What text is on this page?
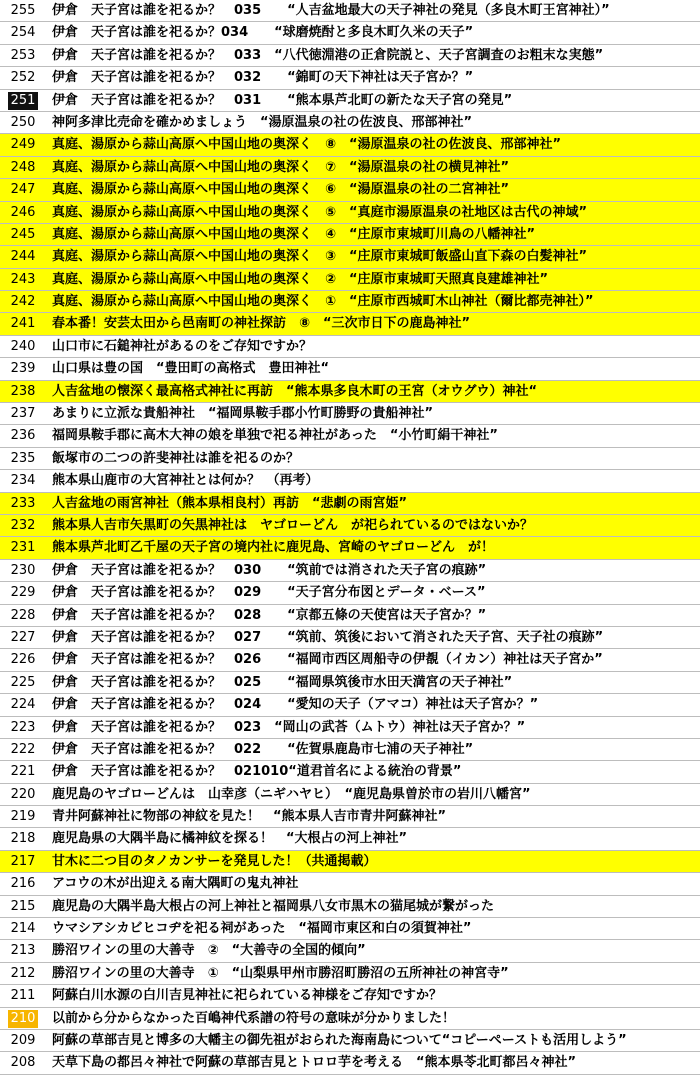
255 伊倉　天子宮は誰を祀るか？　035　　“人吉盆地最大の天子神社の発見（多良木町王宮神社）”
254 伊倉　天子宮は誰を祀るか？034　　“球磨焼酎と多良木町久米の天子”
253 伊倉　天子宮は誰を祀るか？　033　“八代徳淵港の正倉院説と、天子宮調査のお粗末な実態”
252 伊倉　天子宮は誰を祀るか？　032　　“錦町の天下神社は天子宮か？”
251 伊倉　天子宮は誰を祀るか？　031　　“熊本県芦北町の新たな天子宮の発見”
250 神阿多津比売命を確かめましょう　“湯原温泉の社の佐波良、邢部神社”
249 真庭、湯原から蒜山高原へ中国山地の奥深く　⑧　“湯原温泉の社の佐波良、邢部神社”
248 真庭、湯原から蒜山高原へ中国山地の奥深く　⑦　“湯原温泉の社の横見神社”
247 真庭、湯原から蒜山高原へ中国山地の奥深く　⑥　“湯原温泉の社の二宮神社”
246 真庭、湯原から蒜山高原へ中国山地の奥深く　⑤　“真庭市湯原温泉の社地区は古代の神域”
245 真庭、湯原から蒜山高原へ中国山地の奥深く　④　“庄原市東城町川鳥の八幡神社”
244 真庭、湯原から蒜山高原へ中国山地の奥深く　③　“庄原市東城町飯盛山直下森の白髪神社”
243 真庭、湯原から蒜山高原へ中国山地の奥深く　②　“庄原市東城町天照真良建雄神社”
242 真庭、湯原から蒜山高原へ中国山地の奥深く　①　“庄原市西城町木山神社（爾比都売神社）”
241 春本番！安芸太田から邑南町の神社探訪　⑧　“三次市日下の鹿島神社”
240 山口市に石鎚神社があるのをご存知ですか？
239 山口県は豊の国　“豊田町の高格式　豊田神社“
238 人吉盆地の懐深く最高格式神社に再訪　“熊本県多良木町の王宮（オウグウ）神社“
237 あまりに立派な貴船神社　“福岡県鞍手郡小竹町勝野の貴船神社”
236 福岡県鞍手郡に高木大神の娘を単独で祀る神社があった　“小竹町絹干神社”
235 飯塚市の二つの許斐神社は誰を祀るのか？
234 熊本県山鹿市の大宮神社とは何か？　（再考）
233 人吉盆地の雨宮神社（熊本県相良村）再訪　“悲劇の雨宮姫”
232 熊本県人吉市矢黒町の矢黒神社は　ヤゴローどん　が祀られているのではないか？
231 熊本県芦北町乙千屋の天子宮の境内社に鹿児島、宮崎のヤゴローどん　が！
230 伊倉　天子宮は誰を祀るか？　030　　“筑前では消された天子宮の痕跡”
229 伊倉　天子宮は誰を祀るか？　029　　“天子宮分布図とデータ・ベース”
228 伊倉　天子宮は誰を祀るか？　028　　“京都五條の天使宮は天子宮か？”
227 伊倉　天子宮は誰を祀るか？　027　　“筑前、筑後において消された天子宮、天子社の痕跡”
226 伊倉　天子宮は誰を祀るか？　026　　“福岡市西区周船寺の伊覩（イカン）神社は天子宮か”
225 伊倉　天子宮は誰を祀るか？　025　　“福岡県筑後市水田天満宮の天子神社”
224 伊倉　天子宮は誰を祀るか？　024　　“愛知の天子（アマコ）神社は天子宮か？”
223 伊倉　天子宮は誰を祀るか？　023　“岡山の武荅（ムトウ）神社は天子宮か？”
222 伊倉　天子宮は誰を祀るか？　022　　“佐賀県鹿島市七浦の天子神社”
221 伊倉　天子宮は誰を祀るか？　021010“道君首名による統治の背景”
220 鹿児島のヤゴローどんは　山幸彦（ニギハヤヒ）　“鹿児島県曽於市の岩川八幡宮”
219 青井阿蘇神社に物部の神紋を見た！　“熊本県人吉市青井阿蘇神社”
218 鹿児島県の大隅半島に橘神紋を探る！　“大根占の河上神社”
217 甘木に二つ目のタノカンサーを発見した！（共通掲載）
216 アコウの木が出迎える南大隅町の鬼丸神社
215 鹿児島の大隅半島大根占の河上神社と福岡県八女市黒木の猫尾城が繋がった
214 ウマシアシカビヒコヂを祀る祠があった　“福岡市東区和白の須賀神社”
213 勝沼ワインの里の大善寺　②　“大善寺の全国的傾向”
212 勝沼ワインの里の大善寺　①　“山梨県甲州市勝沼町勝沼の五所神社の神宮寺”
211 阿蘇白川水源の白川吉見神社に祀られている神様をご存知ですか？
210 以前から分からなかった百嶋神代系譜の符号の意味が分かりました！
209 阿蘇の草部吉見と博多の大幡主の御先祖がおられた海南島について“コピーペーストも活用しよう”
208 天草下島の都呂々神社で阿蘇の草部吉見とトロロ芋を考える　“熊本県苓北町都呂々神社”
